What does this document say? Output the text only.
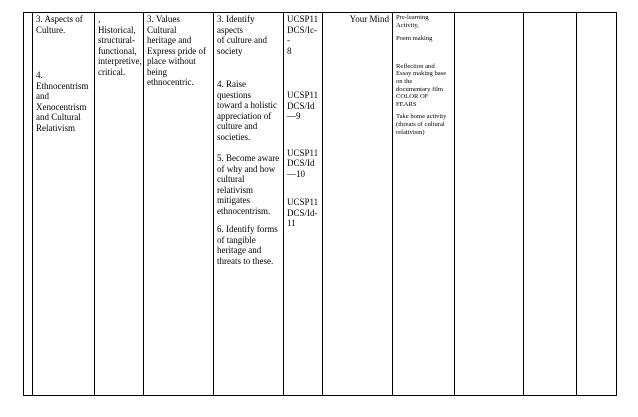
3. Aspects of
Culture.
4. Ethnocentrism
and
Xenocentrism
and Cultural
Relativism

, Historical,
structural-
functional,
interpretive,
critical.

3. Values Cultural
heritage and
Express pride of
place without
being
ethnocentric.

3. Identify aspects
of culture and
society
4. Raise questions
toward a holistic
appreciation of
culture and
societies.
5. Become aware
of why and how
cultural relativism
mitigates
ethnocentrism.
6. Identify forms
of tangible
heritage and
threats to these.

UCSP11
DCS/Ic--
8
UCSP11
DCS/Id
—9
UCSP11
DCS/Id
—10
UCSP11
DCS/Id-
11

Your Mind	Pre-learning
Activity,
Poem making
Reflection and
Essay making base
on the
documentary film
COLOR OF
FEARS
Take home activity
(threats of cultural
relativism)
